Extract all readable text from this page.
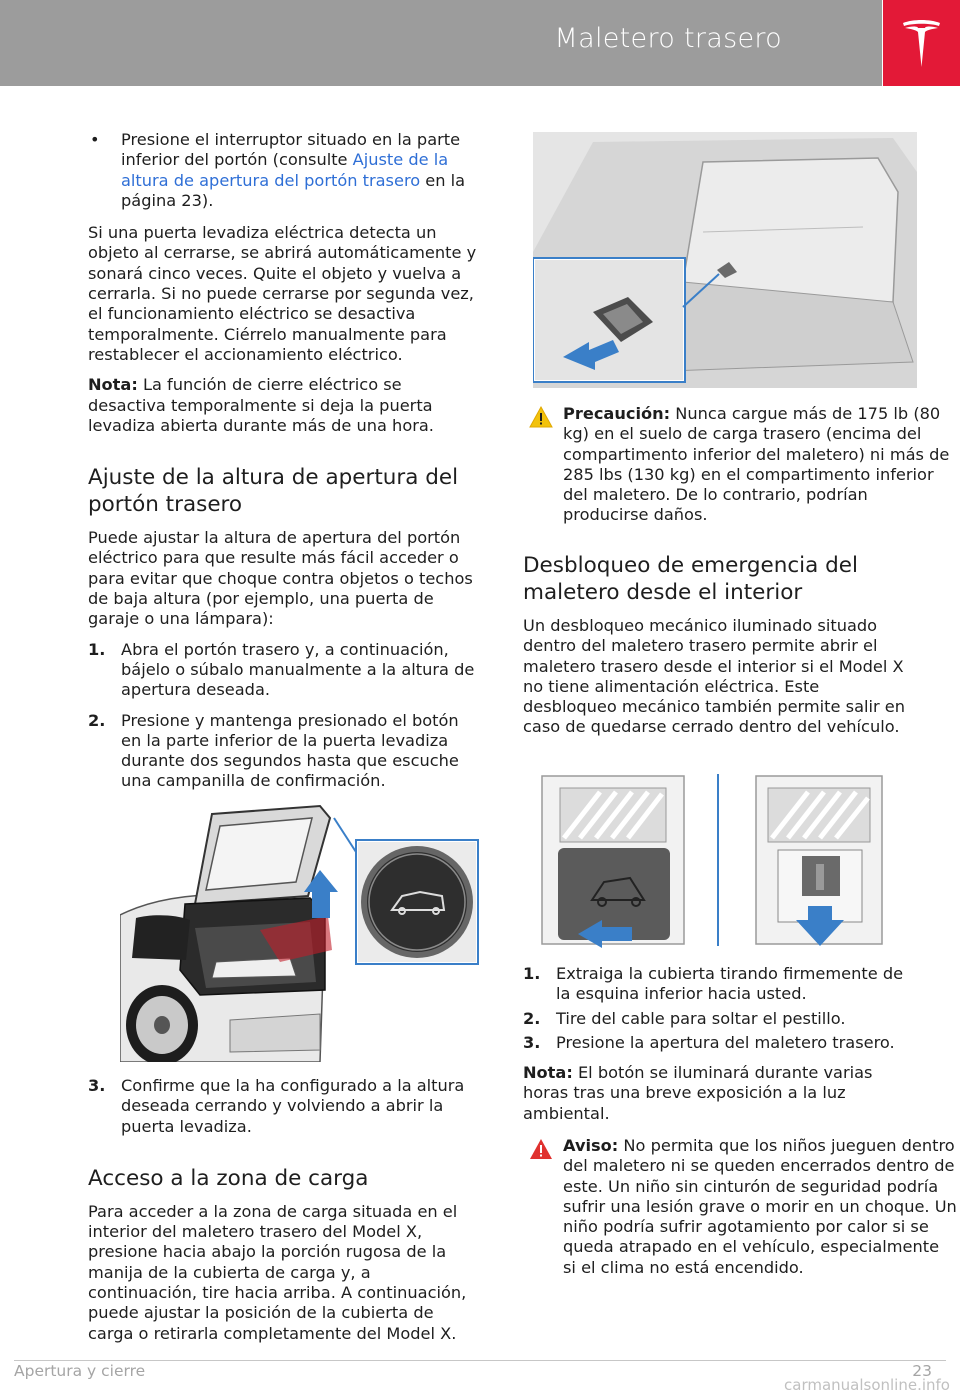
Maletero trasero
• Presione el interruptor situado en la parte inferior del portón (consulte Ajuste de la altura de apertura del portón trasero en la página 23).

Si una puerta levadiza eléctrica detecta un objeto al cerrarse, se abrirá automáticamente y sonará cinco veces. Quite el objeto y vuelva a cerrarla. Si no puede cerrarse por segunda vez, el funcionamiento eléctrico se desactiva temporalmente. Ciérrelo manualmente para restablecer el accionamiento eléctrico.

Nota: La función de cierre eléctrico se desactiva temporalmente si deja la puerta levadiza abierta durante más de una hora.

Ajuste de la altura de apertura del portón trasero

Puede ajustar la altura de apertura del portón eléctrico para que resulte más fácil acceder o para evitar que choque contra objetos o techos de baja altura (por ejemplo, una puerta de garaje o una lámpara):

1. Abra el portón trasero y, a continuación, bájelo o súbalo manualmente a la altura de apertura deseada.
2. Presione y mantenga presionado el botón en la parte inferior de la puerta levadiza durante dos segundos hasta que escuche una campanilla de confirmación.
3. Confirme que la ha configurado a la altura deseada cerrando y volviendo a abrir la puerta levadiza.
Acceso a la zona de carga

Para acceder a la zona de carga situada en el interior del maletero trasero del Model X, presione hacia abajo la porción rugosa de la manija de la cubierta de carga y, a continuación, tire hacia arriba. A continuación, puede ajustar la posición de la cubierta de carga o retirarla completamente del Model X.

Precaución: Nunca cargue más de 175 lb (80 kg) en el suelo de carga trasero (encima del compartimento inferior del maletero) ni más de 285 lbs (130 kg) en el compartimento inferior del maletero. De lo contrario, podrían producirse daños.
Desbloqueo de emergencia del maletero desde el interior

Un desbloqueo mecánico iluminado situado dentro del maletero trasero permite abrir el maletero trasero desde el interior si el Model X no tiene alimentación eléctrica. Este desbloqueo mecánico también permite salir en caso de quedarse cerrado dentro del vehículo.

1. Extraiga la cubierta tirando firmemente de la esquina inferior hacia usted.
2. Tire del cable para soltar el pestillo.
3. Presione la apertura del maletero trasero.

Nota: El botón se iluminará durante varias horas tras una breve exposición a la luz ambiental.

Aviso: No permita que los niños jueguen dentro del maletero ni se queden encerrados dentro de este. Un niño sin cinturón de seguridad podría sufrir una lesión grave o morir en un choque. Un niño podría sufrir agotamiento por calor si se queda atrapado en el vehículo, especialmente si el clima no está encendido.
Apertura y cierre	23
carmanualsonline.info
